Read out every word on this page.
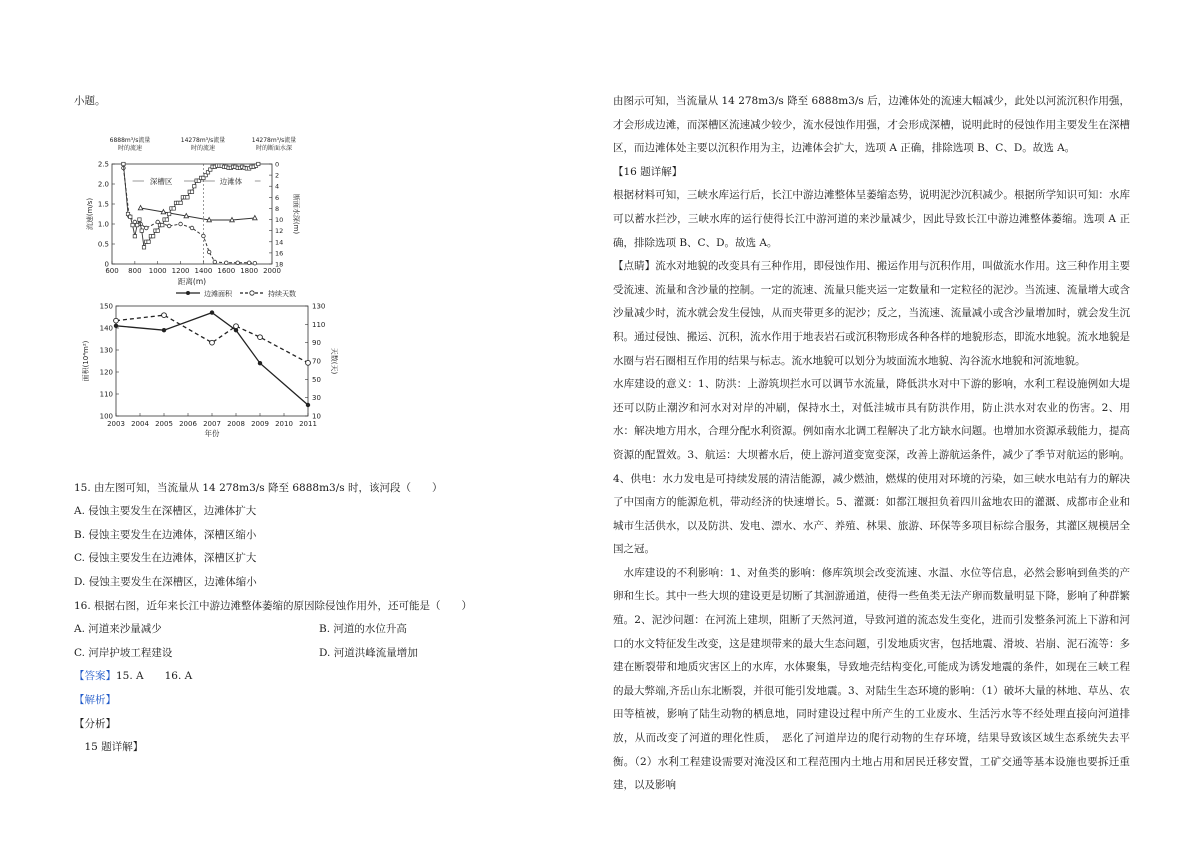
小题。

600 800 1000 1200 1400 1600 1800 2000
0
0.5
1.0
1.5
2.0
2.5	0
2
4
6
8
10
12
14
16
18
距离(m)
流速(m/s)	断面水深(m)
深槽区	边滩体
6888m³/s流量
时的流速
14278m³/s流量
时的流速
14278m³/s流量
时的断面水深
2003 2004 2005 2006 2007 2008 2009 2010 2011
100
110
120
130
140
150
10
30
50
70
90
110
130
年份
面积(10⁴m²)	天数(天)
边滩面积	持续天数

15. 由左图可知，当流量从 14 278m3/s 降至 6888m3/s 时，该河段（　　）

A. 侵蚀主要发生在深槽区，边滩体扩大

B. 侵蚀主要发生在边滩体，深槽区缩小

C. 侵蚀主要发生在边滩体，深槽区扩大

D. 侵蚀主要发生在深槽区，边滩体缩小

16. 根据右图，近年来长江中游边滩整体萎缩的原因除侵蚀作用外，还可能是（　　）

A. 河道来沙量减少	B. 河道的水位升高
C. 河岸护坡工程建设	D. 河道洪峰流量增加

【答案】15. A　　16. A

【解析】

【分析】

15 题详解】

由图示可知，当流量从 14 278m3/s 降至 6888m3/s 后，边滩体处的流速大幅减少，此处以河流沉积作用强，才会形成边滩，而深槽区流速减少较少，流水侵蚀作用强，才会形成深槽，说明此时的侵蚀作用主要发生在深槽区，而边滩体处主要以沉积作用为主，边滩体会扩大，选项 A 正确，排除选项 B、C、D。故选 A。

【16 题详解】

根据材料可知，三峡水库运行后，长江中游边滩整体呈萎缩态势，说明泥沙沉积减少。根据所学知识可知：水库可以蓄水拦沙，三峡水库的运行使得长江中游河道的来沙量减少，因此导致长江中游边滩整体萎缩。选项 A 正确，排除选项 B、C、D。故选 A。

【点睛】流水对地貌的改变具有三种作用，即侵蚀作用、搬运作用与沉积作用，叫做流水作用。这三种作用主要受流速、流量和含沙量的控制。一定的流速、流量只能夹运一定数量和一定粒径的泥沙。当流速、流量增大或含沙量减少时，流水就会发生侵蚀，从而夹带更多的泥沙；反之，当流速、流量减小或含沙量增加时，就会发生沉积。通过侵蚀、搬运、沉积，流水作用于地表岩石或沉积物形成各种各样的地貌形态，即流水地貌。流水地貌是水圈与岩石圈相互作用的结果与标志。流水地貌可以划分为坡面流水地貌、沟谷流水地貌和河流地貌。

水库建设的意义：1、防洪：上游筑坝拦水可以调节水流量，降低洪水对中下游的影响，水利工程设施例如大堤还可以防止潮汐和河水对对岸的冲刷，保持水土，对低洼城市具有防洪作用，防止洪水对农业的伤害。2、用水：解决地方用水，合理分配水利资源。例如南水北调工程解决了北方缺水问题。也增加水资源承载能力，提高资源的配置效。3、航运：大坝蓄水后，使上游河道变宽变深，改善上游航运条件，减少了季节对航运的影响。4、供电：水力发电是可持续发展的清洁能源，减少燃油，燃煤的使用对环境的污染，如三峡水电站有力的解决了中国南方的能源危机，带动经济的快速增长。5、灌溉：如都江堰担负着四川盆地农田的灌溉、成都市企业和城市生活供水，以及防洪、发电、漂水、水产、养殖、林果、旅游、环保等多项目标综合服务，其灌区规模居全国之冠。

水库建设的不利影响：1、对鱼类的影响：修库筑坝会改变流速、水温、水位等信息，必然会影响到鱼类的产卵和生长。其中一些大坝的建设更是切断了其洄游通道，使得一些鱼类无法产卵而数量明显下降，影响了种群繁殖。2、泥沙问题：在河流上建坝，阻断了天然河道，导致河道的流态发生变化，进而引发整条河流上下游和河口的水文特征发生改变，这是建坝带来的最大生态问题，引发地质灾害，包括地震、滑坡、岩崩、泥石流等：多建在断裂带和地质灾害区上的水库，水体聚集，导致地壳结构变化,可能成为诱发地震的条件，如现在三峡工程的最大弊端,齐岳山东北断裂，并很可能引发地震。3、对陆生生态环境的影响：（1）破坏大量的林地、草丛、农田等植被，影响了陆生动物的栖息地，同时建设过程中所产生的工业废水、生活污水等不经处理直接向河道排放，从而改变了河道的理化性质，　恶化了河道岸边的爬行动物的生存环境，结果导致该区域生态系统失去平衡。（2）水利工程建设需要对淹没区和工程范围内土地占用和居民迁移安置，工矿交通等基本设施也要拆迁重建，以及影响
